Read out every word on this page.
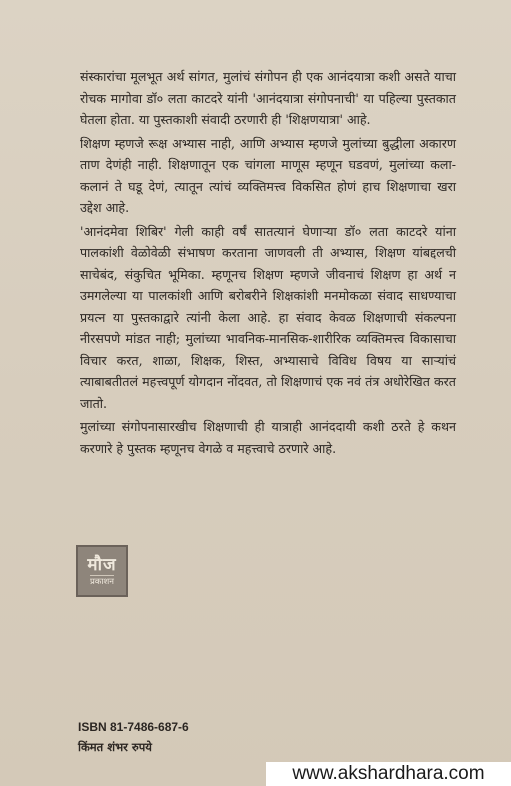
संस्कारांचा मूलभूत अर्थ सांगत, मुलांचं संगोपन ही एक आनंदयात्रा कशी असते याचा रोचक मागोवा डॉ० लता काटदरे यांनी 'आनंदयात्रा संगोपनाची' या पहिल्या पुस्तकात घेतला होता. या पुस्तकाशी संवादी ठरणारी ही 'शिक्षणयात्रा' आहे.

शिक्षण म्हणजे रूक्ष अभ्यास नाही, आणि अभ्यास म्हणजे मुलांच्या बुद्धीला अकारण ताण देणंही नाही. शिक्षणातून एक चांगला माणूस म्हणून घडवणं, मुलांच्या कला-कलानं ते घडू देणं, त्यातून त्यांचं व्यक्तिमत्त्व विकसित होणं हाच शिक्षणाचा खरा उद्देश आहे.

'आनंदमेवा शिबिर' गेली काही वर्षं सातत्यानं घेणाऱ्या डॉ० लता काटदरे यांना पालकांशी वेळोवेळी संभाषण करताना जाणवली ती अभ्यास, शिक्षण यांबद्दलची साचेबंद, संकुचित भूमिका. म्हणूनच शिक्षण म्हणजे जीवनाचं शिक्षण हा अर्थ न उमगलेल्या या पालकांशी आणि बरोबरीने शिक्षकांशी मनमोकळा संवाद साधण्याचा प्रयत्न या पुस्तकाद्वारे त्यांनी केला आहे. हा संवाद केवळ शिक्षणाची संकल्पना नीरसपणे मांडत नाही; मुलांच्या भावनिक-मानसिक-शारीरिक व्यक्तिमत्त्व विकासाचा विचार करत, शाळा, शिक्षक, शिस्त, अभ्यासाचे विविध विषय या साऱ्यांचं त्याबाबतीतलं महत्त्वपूर्ण योगदान नोंदवत, तो शिक्षणाचं एक नवं तंत्र अधोरेखित करत जातो.

मुलांच्या संगोपनासारखीच शिक्षणाची ही यात्राही आनंददायी कशी ठरते हे कथन करणारे हे पुस्तक म्हणूनच वेगळे व महत्त्वाचे ठरणारे आहे.

मौज
प्रकाशन
ISBN 81-7486-687-6
किंमत शंभर रुपये
www.akshardhara.com
